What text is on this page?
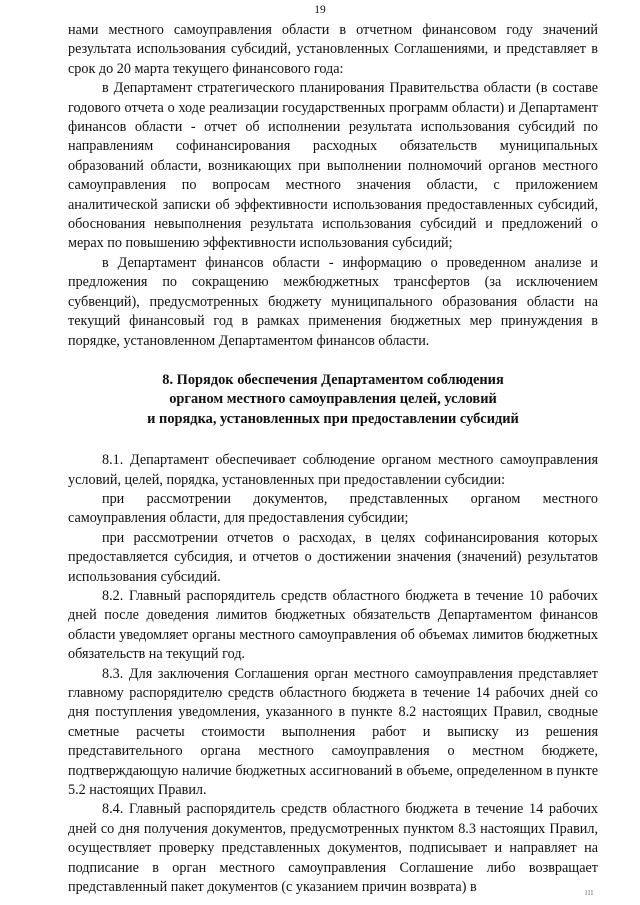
19

нами местного самоуправления области в отчетном финансовом году значений результата использования субсидий, установленных Соглашениями, и представляет в срок до 20 марта текущего финансового года:

в Департамент стратегического планирования Правительства области (в составе годового отчета о ходе реализации государственных программ области) и Департамент финансов области - отчет об исполнении результата использования субсидий по направлениям софинансирования расходных обязательств муниципальных образований области, возникающих при выполнении полномочий органов местного самоуправления по вопросам местного значения области, с приложением аналитической записки об эффективности использования предоставленных субсидий, обоснования невыполнения результата использования субсидий и предложений о мерах по повышению эффективности использования субсидий;

в Департамент финансов области - информацию о проведенном анализе и предложения по сокращению межбюджетных трансфертов (за исключением субвенций), предусмотренных бюджету муниципального образования области на текущий финансовый год в рамках применения бюджетных мер принуждения в порядке, установленном Департаментом финансов области.

8. Порядок обеспечения Департаментом соблюдения
органом местного самоуправления целей, условий
и порядка, установленных при предоставлении субсидий

8.1. Департамент обеспечивает соблюдение органом местного самоуправления условий, целей, порядка, установленных при предоставлении субсидии:

при рассмотрении документов, представленных органом местного самоуправления области, для предоставления субсидии;

при рассмотрении отчетов о расходах, в целях софинансирования которых предоставляется субсидия, и отчетов о достижении значения (значений) результатов использования субсидий.

8.2. Главный распорядитель средств областного бюджета в течение 10 рабочих дней после доведения лимитов бюджетных обязательств Департаментом финансов области уведомляет органы местного самоуправления об объемах лимитов бюджетных обязательств на текущий год.

8.3. Для заключения Соглашения орган местного самоуправления представляет главному распорядителю средств областного бюджета в течение 14 рабочих дней со дня поступления уведомления, указанного в пункте 8.2 настоящих Правил, сводные сметные расчеты стоимости выполнения работ и выписку из решения представительного органа местного самоуправления о местном бюджете, подтверждающую наличие бюджетных ассигнований в объеме, определенном в пункте 5.2 настоящих Правил.

8.4. Главный распорядитель средств областного бюджета в течение 14 рабочих дней со дня получения документов, предусмотренных пунктом 8.3 настоящих Правил, осуществляет проверку представленных документов, подписывает и направляет на подписание в орган местного самоуправления Соглашение либо возвращает представленный пакет документов (с указанием причин возврата) в	lll
